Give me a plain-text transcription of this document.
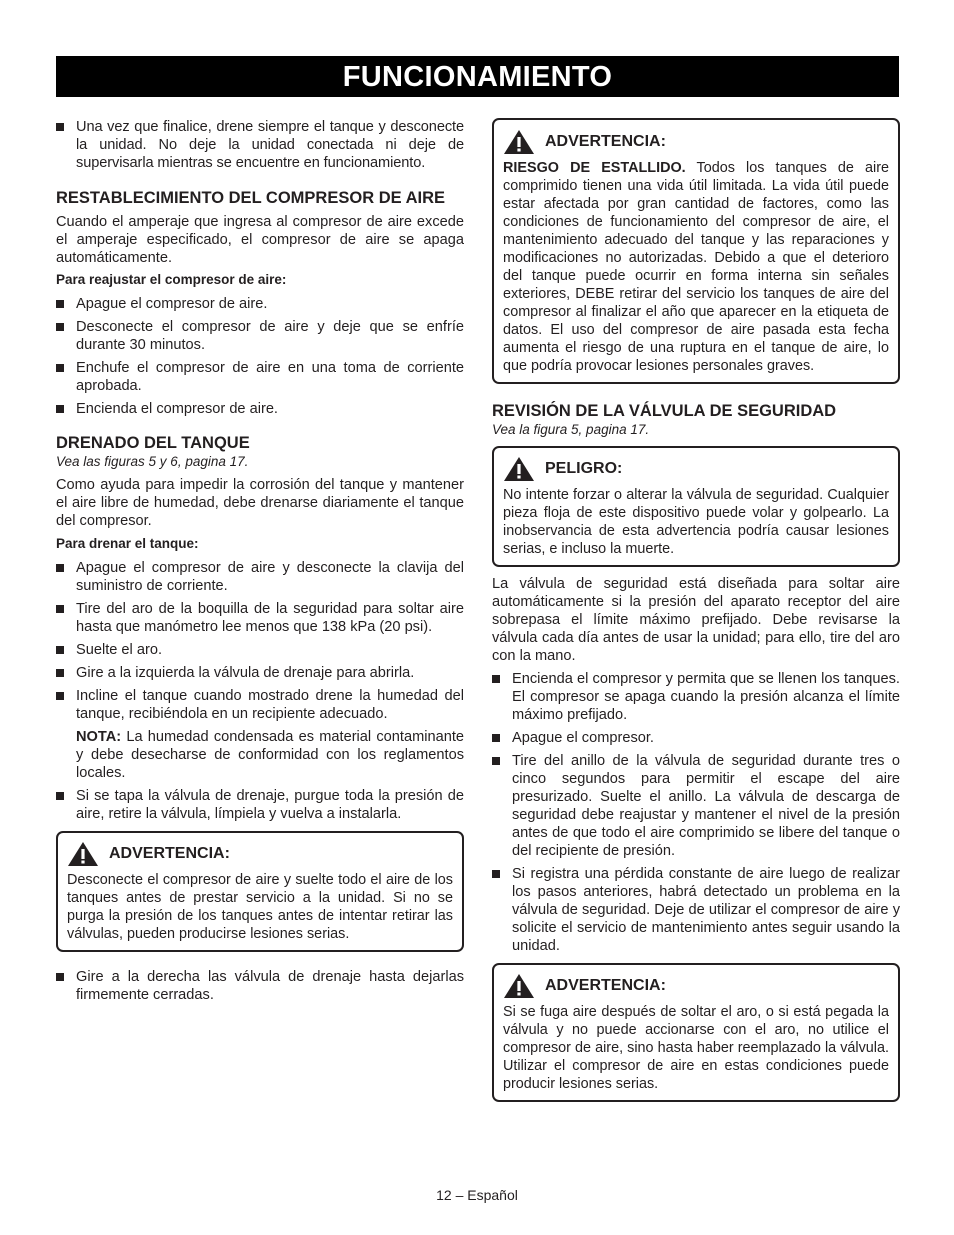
FUNCIONAMIENTO

Una vez que finalice, drene siempre el tanque y desconecte la unidad. No deje la unidad conectada ni deje de supervisarla mientras se encuentre en funcionamiento.

RESTABLECIMIENTO DEL COMPRESOR DE AIRE

Cuando el amperaje que ingresa al compresor de aire excede el amperaje especificado, el compresor de aire se apaga automáticamente.

Para reajustar el compresor de aire:

Apague el compresor de aire.

Desconecte el compresor de aire y deje que se enfríe durante 30 minutos.

Enchufe el compresor de aire en una toma de corriente aprobada.

Encienda el compresor de aire.

DRENADO DEL TANQUE

Vea las figuras 5 y 6, pagina 17.

Como ayuda para impedir la corrosión del tanque y mantener el aire libre de humedad, debe drenarse diariamente el tanque del compresor.

Para drenar el tanque:

Apague el compresor de aire y desconecte la clavija del suministro de corriente.

Tire del aro de la boquilla de la seguridad para soltar aire hasta que manómetro lee menos que 138 kPa (20 psi).

Suelte el aro.

Gire a la izquierda la válvula de drenaje para abrirla.

Incline el tanque cuando mostrado drene la humedad del tanque, recibiéndola en un recipiente adecuado.

NOTA: La humedad condensada es material contaminante y debe desecharse de conformidad con los reglamentos locales.

Si se tapa la válvula de drenaje, purgue toda la presión de aire, retire la válvula, límpiela y vuelva a instalarla.

ADVERTENCIA:

Desconecte el compresor de aire y suelte todo el aire de los tanques antes de prestar servicio a la unidad. Si no se purga la presión de los tanques antes de intentar retirar las válvulas, pueden producirse lesiones serias.

Gire a la derecha las válvula de drenaje hasta dejarlas firmemente cerradas.

ADVERTENCIA:

RIESGO DE ESTALLIDO. Todos los tanques de aire comprimido tienen una vida útil limitada. La vida útil puede estar afectada por gran cantidad de factores, como las condiciones de funcionamiento del compresor de aire, el mantenimiento adecuado del tanque y las reparaciones y modificaciones no autorizadas. Debido a que el deterioro del tanque puede ocurrir en forma interna sin señales exteriores, DEBE retirar del servicio los tanques de aire del compresor al finalizar el año que aparecer en la etiqueta de datos. El uso del compresor de aire pasada esta fecha aumenta el riesgo de una ruptura en el tanque de aire, lo que podría provocar lesiones personales graves.

REVISIÓN DE LA VÁLVULA DE SEGURIDAD

Vea la figura 5, pagina 17.

PELIGRO:

No intente forzar o alterar la válvula de seguridad. Cualquier pieza floja de este dispositivo puede volar y golpearlo. La inobservancia de esta advertencia podría causar lesiones serias, e incluso la muerte.

La válvula de seguridad está diseñada para soltar aire automáticamente si la presión del aparato receptor del aire sobrepasa el límite máximo prefijado. Debe revisarse la válvula cada día antes de usar la unidad; para ello, tire del aro con la mano.

Encienda el compresor y permita que se llenen los tanques. El compresor se apaga cuando la presión alcanza el límite máximo prefijado.

Apague el compresor.

Tire del anillo de la válvula de seguridad durante tres o cinco segundos para permitir el escape del aire presurizado. Suelte el anillo. La válvula de descarga de seguridad debe reajustar y mantener el nivel de la presión antes de que todo el aire comprimido se libere del tanque o del recipiente de presión.

Si registra una pérdida constante de aire luego de realizar los pasos anteriores, habrá detectado un problema en la válvula de seguridad. Deje de utilizar el compresor de aire y solicite el servicio de mantenimiento antes seguir usando la unidad.

ADVERTENCIA:

Si se fuga aire después de soltar el aro, o si está pegada la válvula y no puede accionarse con el aro, no utilice el compresor de aire, sino hasta haber reemplazado la válvula. Utilizar el compresor de aire en estas condiciones puede producir lesiones serias.

12 – Español
